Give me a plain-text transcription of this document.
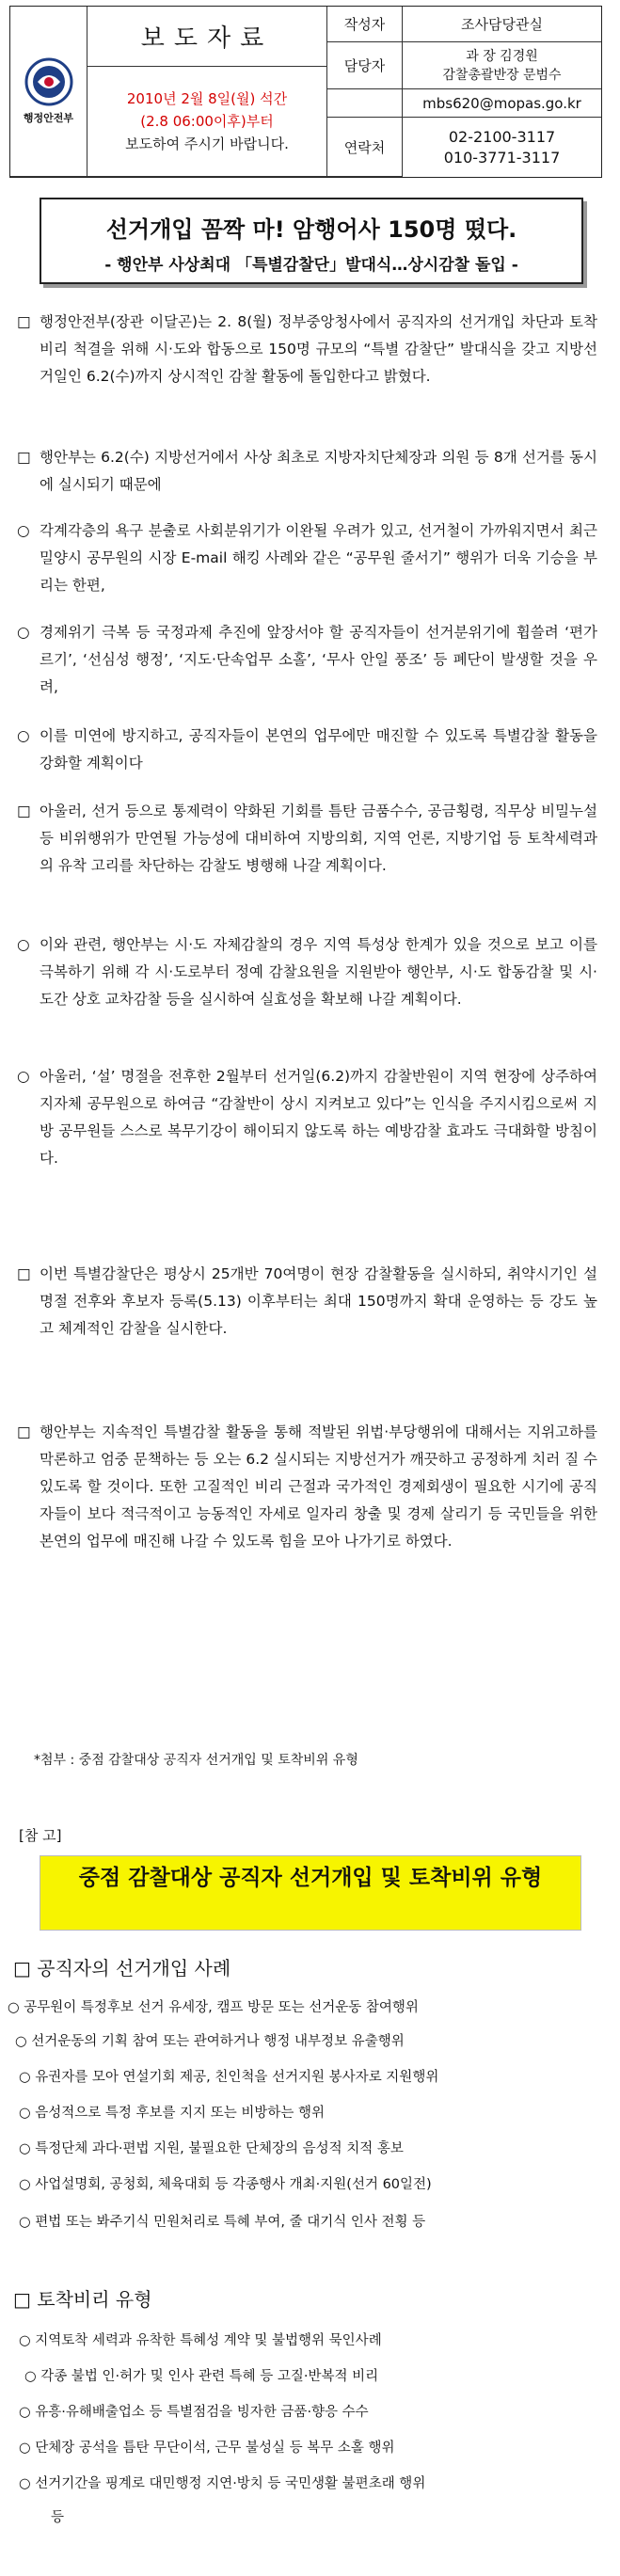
행정안전부
보도자료
2010년 2월 8일(월) 석간
(2.8 06:00이후)부터
보도하여 주시기 바랍니다.
작성자	조사담당관실
담당자
과 장 김경원
감찰총괄반장 문범수
mbs620@mopas.go.kr
연락처
02-2100-3117
010-3771-3117
선거개입 꼼짝 마! 암행어사 150명 떴다.
- 행안부 사상최대 「특별감찰단」발대식…상시감찰 돌입 -
□ 행정안전부(장관 이달곤)는 2. 8(월) 정부중앙청사에서 공직자의 선거개입 차단과 토착비리 척결을 위해 시·도와 합동으로 150명 규모의 “특별 감찰단” 발대식을 갖고 지방선거일인 6.2(수)까지 상시적인 감찰 활동에 돌입한다고 밝혔다.
□ 행안부는 6.2(수) 지방선거에서 사상 최초로 지방자치단체장과 의원 등 8개 선거를 동시에 실시되기 때문에
○ 각계각층의 욕구 분출로 사회분위기가 이완될 우려가 있고, 선거철이 가까워지면서 최근 밀양시 공무원의 시장 E-mail 해킹 사례와 같은 “공무원 줄서기” 행위가 더욱 기승을 부리는 한편,
○ 경제위기 극복 등 국정과제 추진에 앞장서야 할 공직자들이 선거분위기에 휩쓸려 ‘편가르기’, ‘선심성 행정’, ‘지도·단속업무 소홀’, ‘무사 안일 풍조’ 등 폐단이 발생할 것을 우려,
○ 이를 미연에 방지하고, 공직자들이 본연의 업무에만 매진할 수 있도록 특별감찰 활동을 강화할 계획이다
□ 아울러, 선거 등으로 통제력이 약화된 기회를 틈탄 금품수수, 공금횡령, 직무상 비밀누설 등 비위행위가 만연될 가능성에 대비하여 지방의회, 지역 언론, 지방기업 등 토착세력과의 유착 고리를 차단하는 감찰도 병행해 나갈 계획이다.
○ 이와 관련, 행안부는 시·도 자체감찰의 경우 지역 특성상 한계가 있을 것으로 보고 이를 극복하기 위해 각 시·도로부터 정예 감찰요원을 지원받아 행안부, 시·도 합동감찰 및 시·도간 상호 교차감찰 등을 실시하여 실효성을 확보해 나갈 계획이다.
○ 아울러, ‘설’ 명절을 전후한 2월부터 선거일(6.2)까지 감찰반원이 지역 현장에 상주하여 지자체 공무원으로 하여금 “감찰반이 상시 지켜보고 있다”는 인식을 주지시킴으로써 지방 공무원들 스스로 복무기강이 해이되지 않도록 하는 예방감찰 효과도 극대화할 방침이다.
□ 이번 특별감찰단은 평상시 25개반 70여명이 현장 감찰활동을 실시하되, 취약시기인 설 명절 전후와 후보자 등록(5.13) 이후부터는 최대 150명까지 확대 운영하는 등 강도 높고 체계적인 감찰을 실시한다.
□ 행안부는 지속적인 특별감찰 활동을 통해 적발된 위법·부당행위에 대해서는 지위고하를 막론하고 엄중 문책하는 등 오는 6.2 실시되는 지방선거가 깨끗하고 공정하게 치러 질 수 있도록 할 것이다. 또한 고질적인 비리 근절과 국가적인 경제회생이 필요한 시기에 공직자들이 보다 적극적이고 능동적인 자세로 일자리 창출 및 경제 살리기 등 국민들을 위한 본연의 업무에 매진해 나갈 수 있도록 힘을 모아 나가기로 하였다.
*첨부 : 중점 감찰대상 공직자 선거개입 및 토착비위 유형
[참 고]
중점 감찰대상 공직자 선거개입 및 토착비위 유형
□ 공직자의 선거개입 사례
○ 공무원이 특정후보 선거 유세장, 캠프 방문 또는 선거운동 참여행위
○ 선거운동의 기획 참여 또는 관여하거나 행정 내부정보 유출행위
○ 유권자를 모아 연설기회 제공, 친인척을 선거지원 봉사자로 지원행위
○ 음성적으로 특정 후보를 지지 또는 비방하는 행위
○ 특정단체 과다·편법 지원, 불필요한 단체장의 음성적 치적 홍보
○ 사업설명회, 공청회, 체육대회 등 각종행사 개최·지원(선거 60일전)
○ 편법 또는 봐주기식 민원처리로 특혜 부여, 줄 대기식 인사 전횡 등
□ 토착비리 유형
○ 지역토착 세력과 유착한 특혜성 계약 및 불법행위 묵인사례
○ 각종 불법 인·허가 및 인사 관련 특혜 등 고질·반복적 비리
○ 유흥·유해배출업소 등 특별점검을 빙자한 금품·향응 수수
○ 단체장 공석을 틈탄 무단이석, 근무 불성실 등 복무 소홀 행위
○ 선거기간을 핑계로 대민행정 지연·방치 등 국민생활 불편초래 행위
등
